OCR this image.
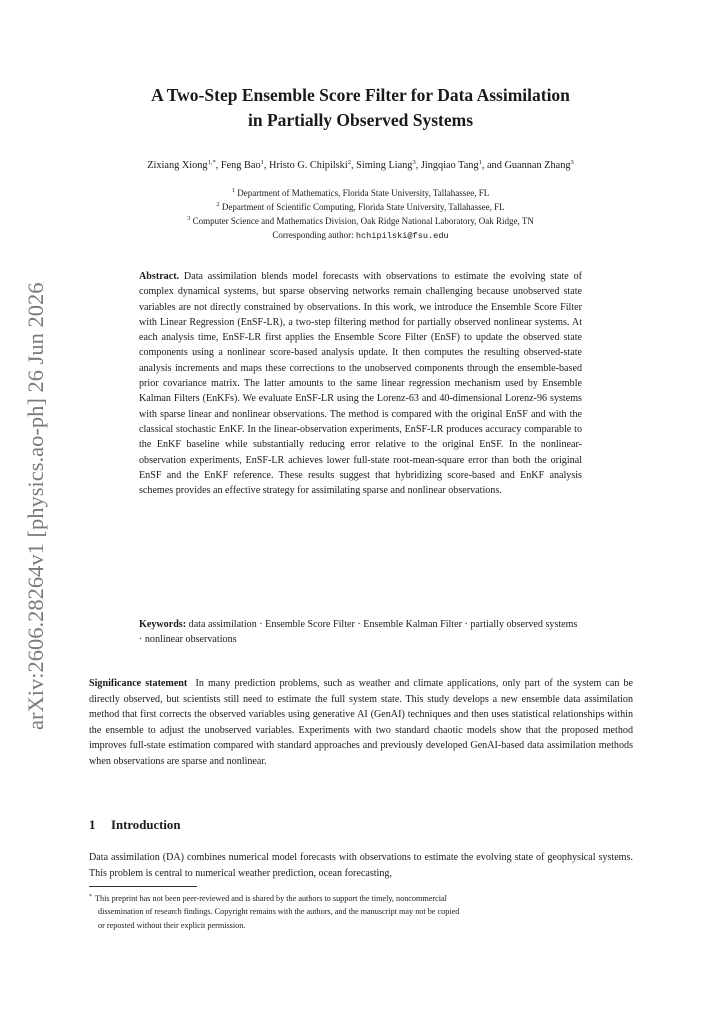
arXiv:2606.28264v1 [physics.ao-ph] 26 Jun 2026
A Two-Step Ensemble Score Filter for Data Assimilation
in Partially Observed Systems
Zixiang Xiong$^{1,*}$, Feng Bao$^1$, Hristo G. Chipilski$^2$, Siming Liang$^3$, Jingqiao Tang$^1$, and Guannan Zhang$^3$
$^1$ Department of Mathematics, Florida State University, Tallahassee, FL
$^2$ Department of Scientific Computing, Florida State University, Tallahassee, FL
$^3$ Computer Science and Mathematics Division, Oak Ridge National Laboratory, Oak Ridge, TN
Corresponding author: hchipilski@fsu.edu

Abstract. Data assimilation blends model forecasts with observations to estimate the evolving state of complex dynamical systems, but sparse observing networks remain challenging because unobserved state variables are not directly constrained by observations. In this work, we introduce the Ensemble Score Filter with Linear Regression (EnSF-LR), a two-step filtering method for partially observed nonlinear systems. At each analysis time, EnSF-LR first applies the Ensemble Score Filter (EnSF) to update the observed state components using a nonlinear score-based analysis update. It then computes the resulting observed-state analysis increments and maps these corrections to the unobserved components through the ensemble-based prior covariance matrix. The latter amounts to the same linear regression mechanism used by Ensemble Kalman Filters (EnKFs). We evaluate EnSF-LR using the Lorenz-63 and 40-dimensional Lorenz-96 systems with sparse linear and nonlinear observations. The method is compared with the original EnSF and with the classical stochastic EnKF. In the linear-observation experiments, EnSF-LR produces accuracy comparable to the EnKF baseline while substantially reducing error relative to the original EnSF. In the nonlinear-observation experiments, EnSF-LR achieves lower full-state root-mean-square error than both the original EnSF and the EnKF reference. These results suggest that hybridizing score-based and EnKF analysis schemes provides an effective strategy for assimilating sparse and nonlinear observations.

Keywords: data assimilation · Ensemble Score Filter · Ensemble Kalman Filter · partially observed systems · nonlinear observations

Significance statement In many prediction problems, such as weather and climate applications, only part of the system can be directly observed, but scientists still need to estimate the full system state. This study develops a new ensemble data assimilation method that first corrects the observed variables using generative AI (GenAI) techniques and then uses statistical relationships within the ensemble to adjust the unobserved variables. Experiments with two standard chaotic models show that the proposed method improves full-state estimation compared with standard approaches and previously developed GenAI-based data assimilation methods when observations are sparse and nonlinear.

1 Introduction

Data assimilation (DA) combines numerical model forecasts with observations to estimate the evolving state of geophysical systems. This problem is central to numerical weather prediction, ocean forecasting,

* This preprint has not been peer-reviewed and is shared by the authors to support the timely, noncommercial
dissemination of research findings. Copyright remains with the authors, and the manuscript may not be copied
or reposted without their explicit permission.
